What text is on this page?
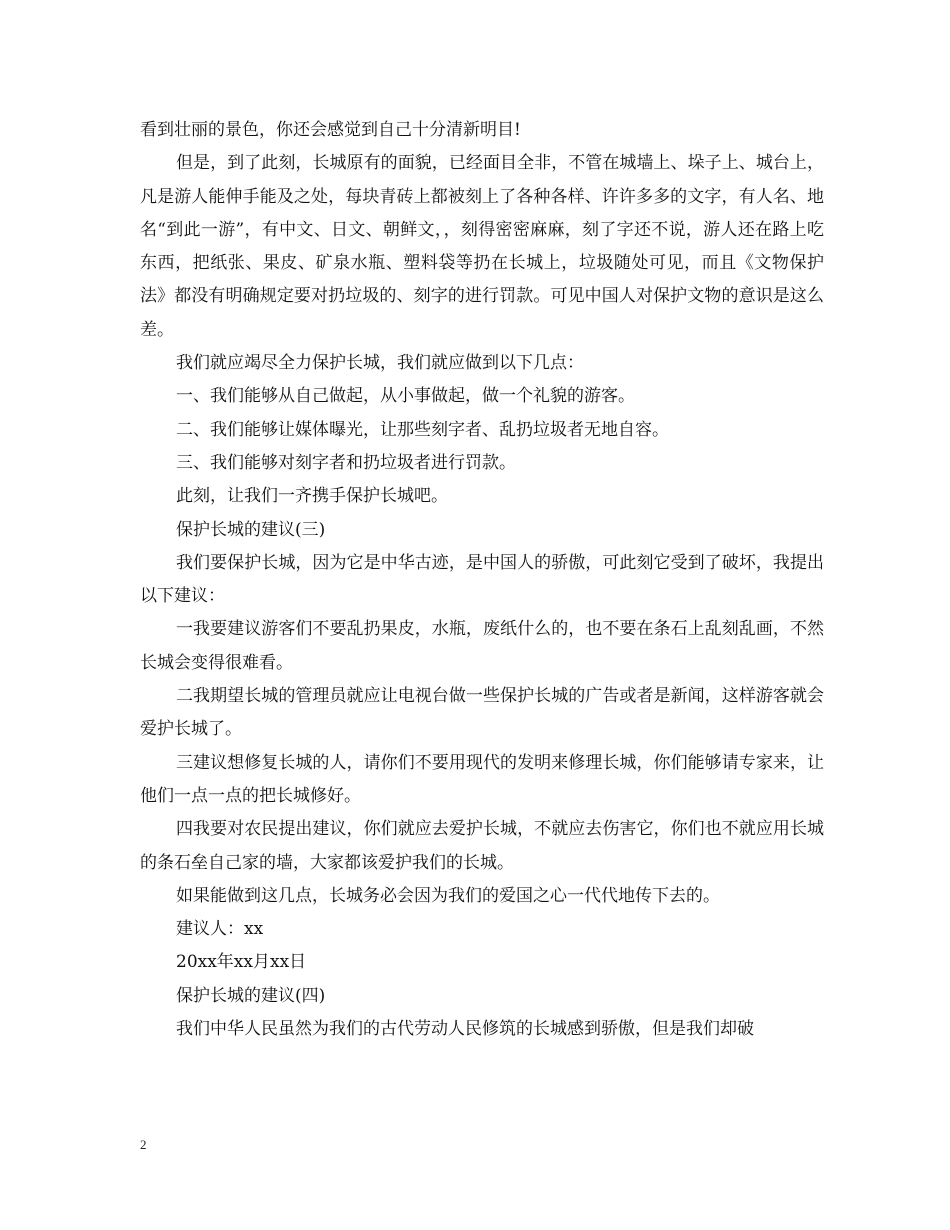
看到壮丽的景色，你还会感觉到自己十分清新明目!

但是，到了此刻，长城原有的面貌，已经面目全非，不管在城墙上、垛子上、城台上，凡是游人能伸手能及之处，每块青砖上都被刻上了各种各样、许许多多的文字，有人名、地名“到此一游”，有中文、日文、朝鲜文，，刻得密密麻麻，刻了字还不说，游人还在路上吃东西，把纸张、果皮、矿泉水瓶、塑料袋等扔在长城上，垃圾随处可见，而且《文物保护法》都没有明确规定要对扔垃圾的、刻字的进行罚款。可见中国人对保护文物的意识是这么差。

我们就应竭尽全力保护长城，我们就应做到以下几点：

一、我们能够从自己做起，从小事做起，做一个礼貌的游客。

二、我们能够让媒体曝光，让那些刻字者、乱扔垃圾者无地自容。

三、我们能够对刻字者和扔垃圾者进行罚款。

此刻，让我们一齐携手保护长城吧。

保护长城的建议(三)

我们要保护长城，因为它是中华古迹，是中国人的骄傲，可此刻它受到了破坏，我提出以下建议：

一我要建议游客们不要乱扔果皮，水瓶，废纸什么的，也不要在条石上乱刻乱画，不然长城会变得很难看。

二我期望长城的管理员就应让电视台做一些保护长城的广告或者是新闻，这样游客就会爱护长城了。

三建议想修复长城的人，请你们不要用现代的发明来修理长城，你们能够请专家来，让他们一点一点的把长城修好。

四我要对农民提出建议，你们就应去爱护长城，不就应去伤害它，你们也不就应用长城的条石垒自己家的墙，大家都该爱护我们的长城。

如果能做到这几点，长城务必会因为我们的爱国之心一代代地传下去的。

建议人：xx

20xx年xx月xx日

保护长城的建议(四)

我们中华人民虽然为我们的古代劳动人民修筑的长城感到骄傲，但是我们却破

2
